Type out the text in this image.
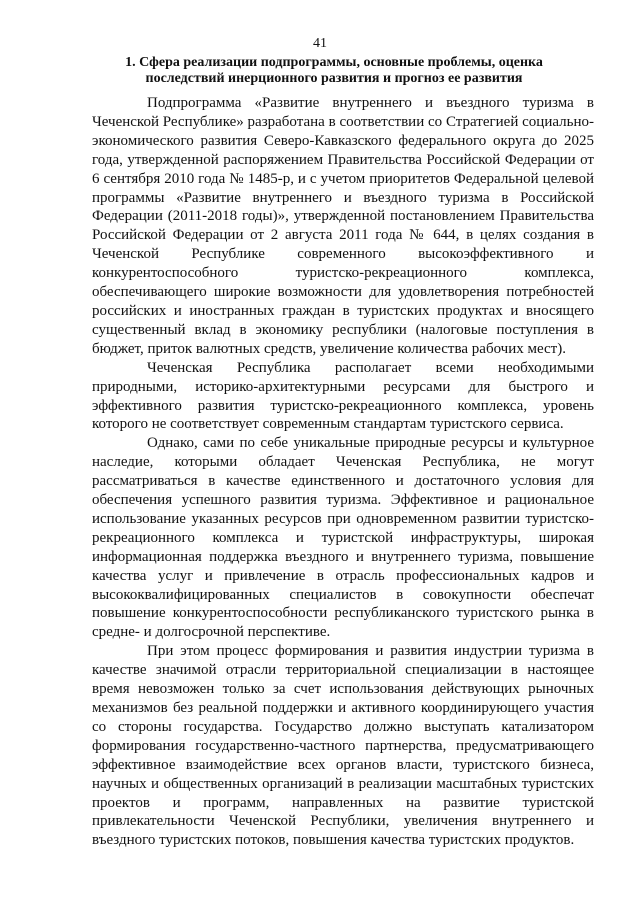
41
1. Сфера реализации подпрограммы, основные проблемы, оценка последствий инерционного развития и прогноз ее развития

Подпрограмма «Развитие внутреннего и въездного туризма в Чеченской Республике» разработана в соответствии со Стратегией социально-экономического развития Северо-Кавказского федерального округа до 2025 года, утвержденной распоряжением Правительства Российской Федерации от 6 сентября 2010 года № 1485-р, и с учетом приоритетов Федеральной целевой программы «Развитие внутреннего и въездного туризма в Российской Федерации (2011-2018 годы)», утвержденной постановлением Правительства Российской Федерации от 2 августа 2011 года № 644, в целях создания в Чеченской Республике современного высокоэффективного и конкурентоспособного туристско-рекреационного комплекса, обеспечивающего широкие возможности для удовлетворения потребностей российских и иностранных граждан в туристских продуктах и вносящего существенный вклад в экономику республики (налоговые поступления в бюджет, приток валютных средств, увеличение количества рабочих мест).

Чеченская Республика располагает всеми необходимыми природными, историко-архитектурными ресурсами для быстрого и эффективного развития туристско-рекреационного комплекса, уровень которого не соответствует современным стандартам туристского сервиса.

Однако, сами по себе уникальные природные ресурсы и культурное наследие, которыми обладает Чеченская Республика, не могут рассматриваться в качестве единственного и достаточного условия для обеспечения успешного развития туризма. Эффективное и рациональное использование указанных ресурсов при одновременном развитии туристско-рекреационного комплекса и туристской инфраструктуры, широкая информационная поддержка въездного и внутреннего туризма, повышение качества услуг и привлечение в отрасль профессиональных кадров и высококвалифицированных специалистов в совокупности обеспечат повышение конкурентоспособности республиканского туристского рынка в средне- и долгосрочной перспективе.

При этом процесс формирования и развития индустрии туризма в качестве значимой отрасли территориальной специализации в настоящее время невозможен только за счет использования действующих рыночных механизмов без реальной поддержки и активного координирующего участия со стороны государства. Государство должно выступать катализатором формирования государственно-частного партнерства, предусматривающего эффективное взаимодействие всех органов власти, туристского бизнеса, научных и общественных организаций в реализации масштабных туристских проектов и программ, направленных на развитие туристской привлекательности Чеченской Республики, увеличения внутреннего и въездного туристских потоков, повышения качества туристских продуктов.
